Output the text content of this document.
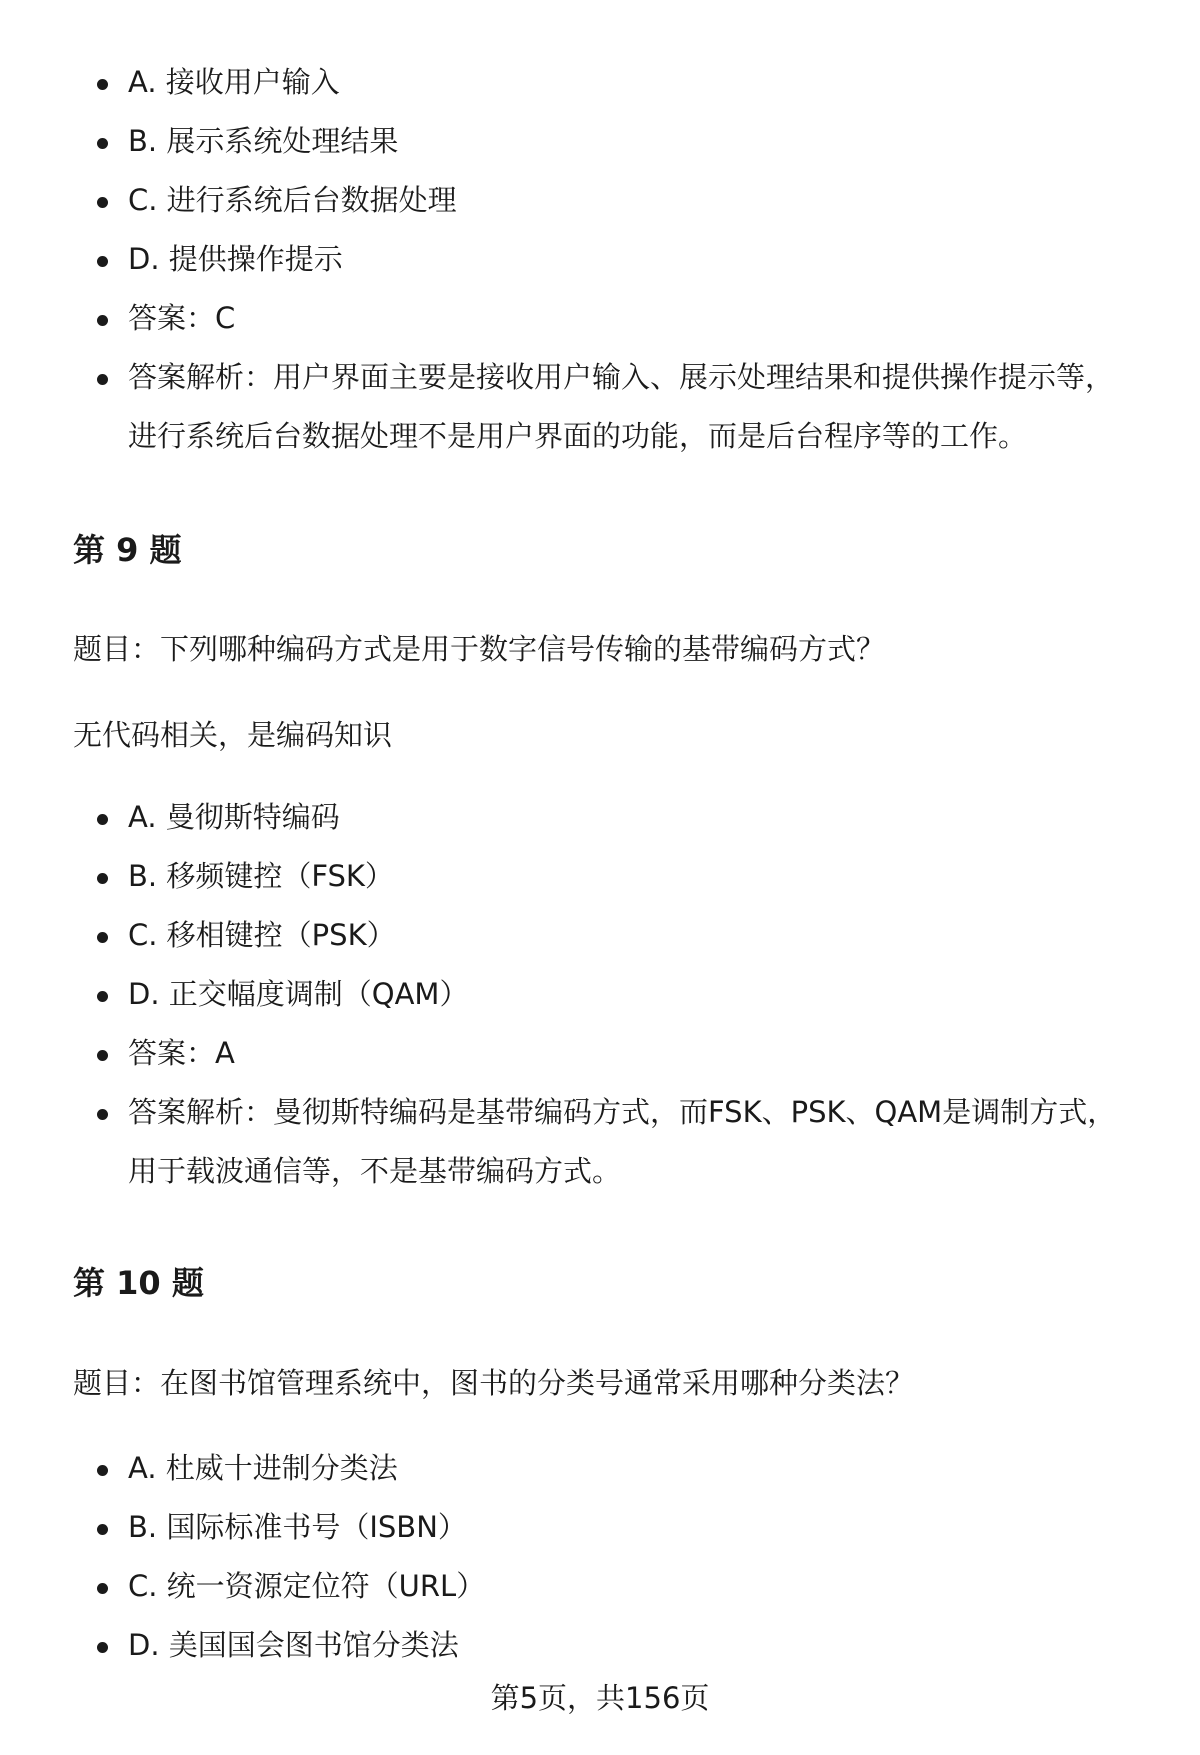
A. 接收用户输入
B. 展示系统处理结果
C. 进行系统后台数据处理
D. 提供操作提示
答案：C
答案解析：用户界面主要是接收用户输入、展示处理结果和提供操作提示等，
进行系统后台数据处理不是用户界面的功能，而是后台程序等的工作。
第 9 题

题目：下列哪种编码方式是用于数字信号传输的基带编码方式？

无代码相关，是编码知识

A. 曼彻斯特编码
B. 移频键控（FSK）
C. 移相键控（PSK）
D. 正交幅度调制（QAM）
答案：A
答案解析：曼彻斯特编码是基带编码方式，而FSK、PSK、QAM是调制方式，
用于载波通信等，不是基带编码方式。
第 10 题

题目：在图书馆管理系统中，图书的分类号通常采用哪种分类法？

A. 杜威十进制分类法
B. 国际标准书号（ISBN）
C. 统一资源定位符（URL）
D. 美国国会图书馆分类法
第5页，共156页
